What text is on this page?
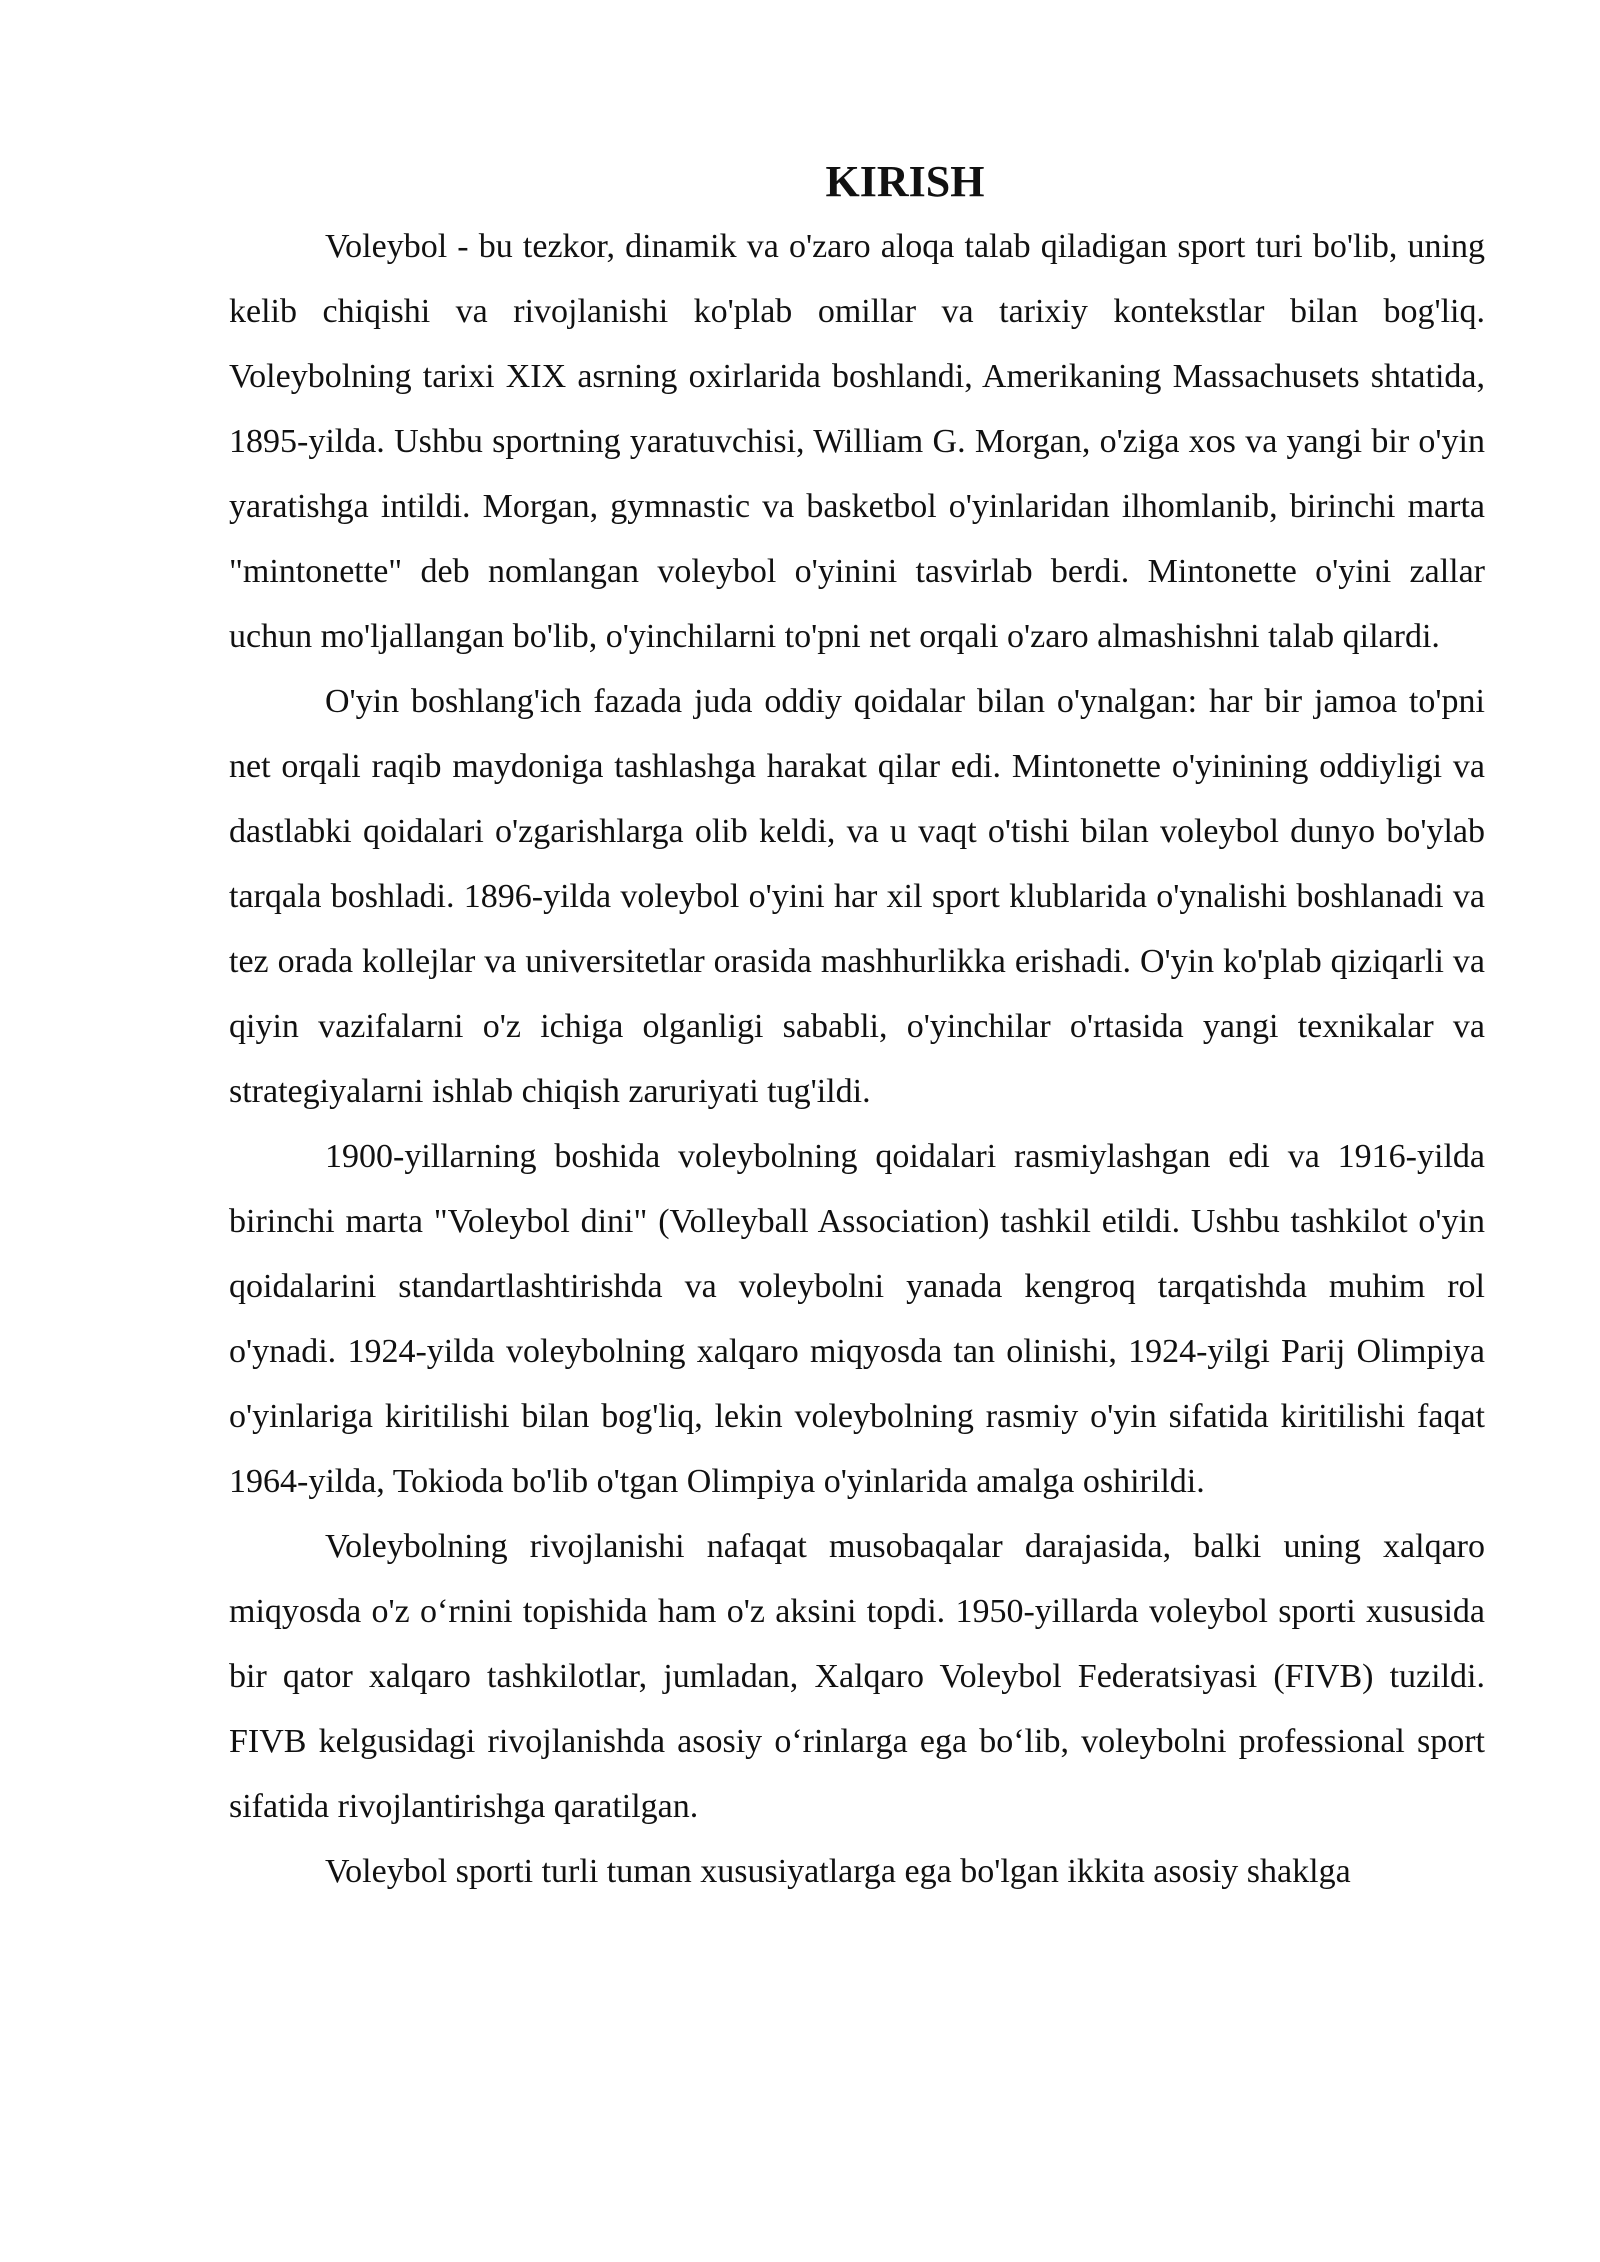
KIRISH

Voleybol - bu tezkor, dinamik va o'zaro aloqa talab qiladigan sport turi bo'lib, uning kelib chiqishi va rivojlanishi ko'plab omillar va tarixiy kontekstlar bilan bog'liq. Voleybolning tarixi XIX asrning oxirlarida boshlandi, Amerikaning Massachusets shtatida, 1895-yilda. Ushbu sportning yaratuvchisi, William G. Morgan, o'ziga xos va yangi bir o'yin yaratishga intildi. Morgan, gymnastic va basketbol o'yinlaridan ilhomlanib, birinchi marta "mintonette" deb nomlangan voleybol o'yinini tasvirlab berdi. Mintonette o'yini zallar uchun mo'ljallangan bo'lib, o'yinchilarni to'pni net orqali o'zaro almashishni talab qilardi.

O'yin boshlang'ich fazada juda oddiy qoidalar bilan o'ynalgan: har bir jamoa to'pni net orqali raqib maydoniga tashlashga harakat qilar edi. Mintonette o'yinining oddiyligi va dastlabki qoidalari o'zgarishlarga olib keldi, va u vaqt o'tishi bilan voleybol dunyo bo'ylab tarqala boshladi. 1896-yilda voleybol o'yini har xil sport klublarida o'ynalishi boshlanadi va tez orada kollejlar va universitetlar orasida mashhurlikka erishadi. O'yin ko'plab qiziqarli va qiyin vazifalarni o'z ichiga olganligi sababli, o'yinchilar o'rtasida yangi texnikalar va strategiyalarni ishlab chiqish zaruriyati tug'ildi.

1900-yillarning boshida voleybolning qoidalari rasmiylashgan edi va 1916-yilda birinchi marta "Voleybol dini" (Volleyball Association) tashkil etildi. Ushbu tashkilot o'yin qoidalarini standartlashtirishda va voleybolni yanada kengroq tarqatishda muhim rol o'ynadi. 1924-yilda voleybolning xalqaro miqyosda tan olinishi, 1924-yilgi Parij Olimpiya o'yinlariga kiritilishi bilan bog'liq, lekin voleybolning rasmiy o'yin sifatida kiritilishi faqat 1964-yilda, Tokioda bo'lib o'tgan Olimpiya o'yinlarida amalga oshirildi.

Voleybolning rivojlanishi nafaqat musobaqalar darajasida, balki uning xalqaro miqyosda o'z o‘rnini topishida ham o'z aksini topdi. 1950-yillarda voleybol sporti xususida bir qator xalqaro tashkilotlar, jumladan, Xalqaro Voleybol Federatsiyasi (FIVB) tuzildi. FIVB kelgusidagi rivojlanishda asosiy o‘rinlarga ega bo‘lib, voleybolni professional sport sifatida rivojlantirishga qaratilgan.

Voleybol sporti turli tuman xususiyatlarga ega bo'lgan ikkita asosiy shaklga
